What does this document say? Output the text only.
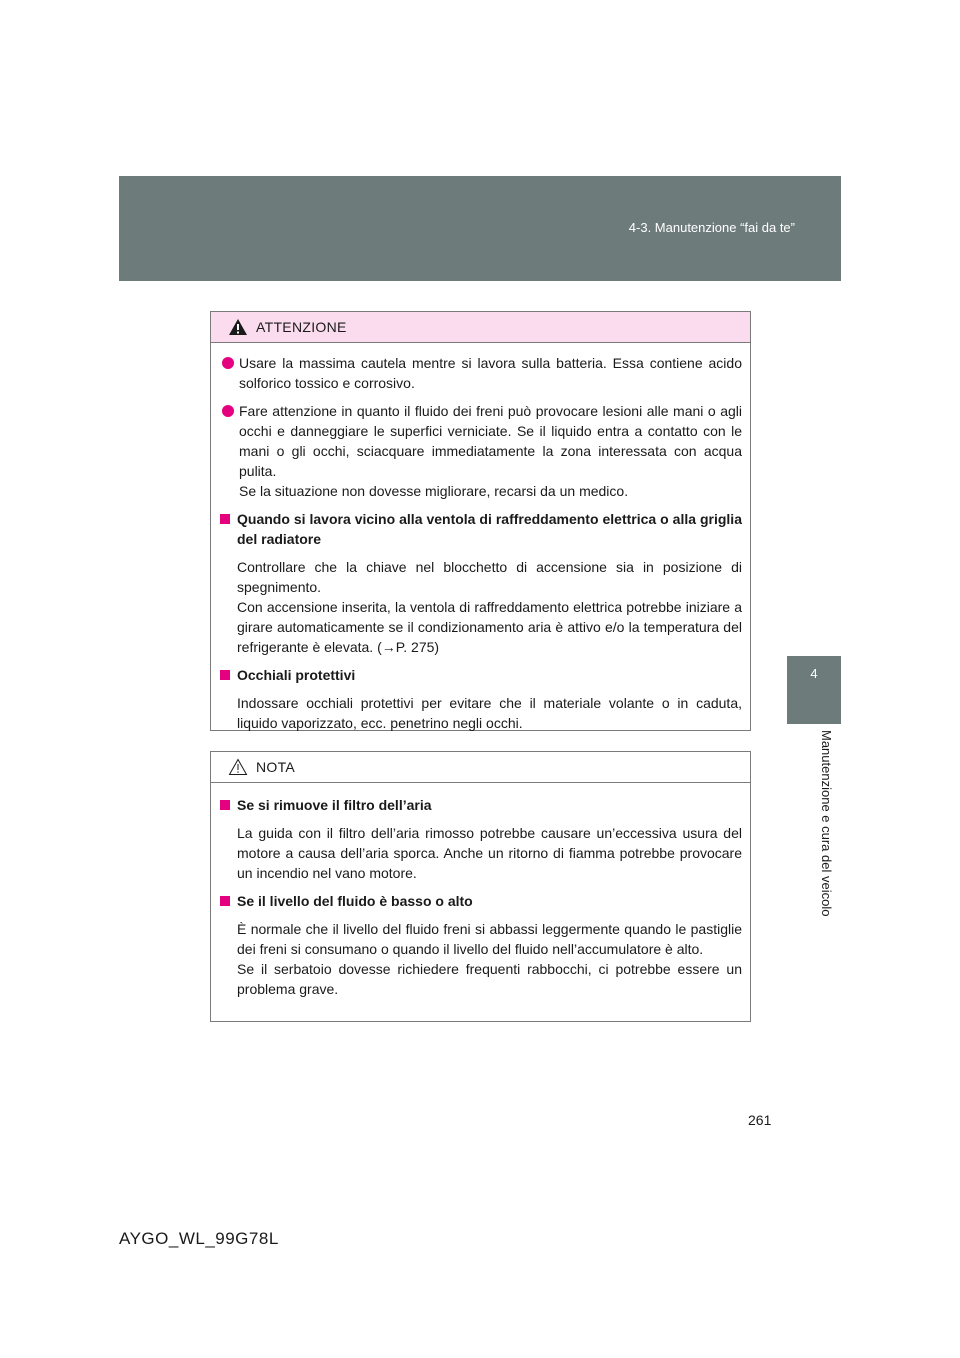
4-3. Manutenzione “fai da te”
4
Manutenzione e cura del veicolo
ATTENZIONE
Usare la massima cautela mentre si lavora sulla batteria. Essa contiene acido solforico tossico e corrosivo.
Fare attenzione in quanto il fluido dei freni può provocare lesioni alle mani o agli occhi e danneggiare le superfici verniciate. Se il liquido entra a contatto con le mani o gli occhi, sciacquare immediatamente la zona interessata con acqua pulita.
Se la situazione non dovesse migliorare, recarsi da un medico.
Quando si lavora vicino alla ventola di raffreddamento elettrica o alla griglia del radiatore
Controllare che la chiave nel blocchetto di accensione sia in posizione di spegnimento.
Con accensione inserita, la ventola di raffreddamento elettrica potrebbe iniziare a girare automaticamente se il condizionamento aria è attivo e/o la temperatura del refrigerante è elevata. (→P. 275)
Occhiali protettivi
Indossare occhiali protettivi per evitare che il materiale volante o in caduta, liquido vaporizzato, ecc. penetrino negli occhi.
NOTA
Se si rimuove il filtro dell’aria
La guida con il filtro dell’aria rimosso potrebbe causare un’eccessiva usura del motore a causa dell’aria sporca. Anche un ritorno di fiamma potrebbe provocare un incendio nel vano motore.
Se il livello del fluido è basso o alto
È normale che il livello del fluido freni si abbassi leggermente quando le pastiglie dei freni si consumano o quando il livello del fluido nell’accumulatore è alto.
Se il serbatoio dovesse richiedere frequenti rabbocchi, ci potrebbe essere un problema grave.
261
AYGO_WL_99G78L
